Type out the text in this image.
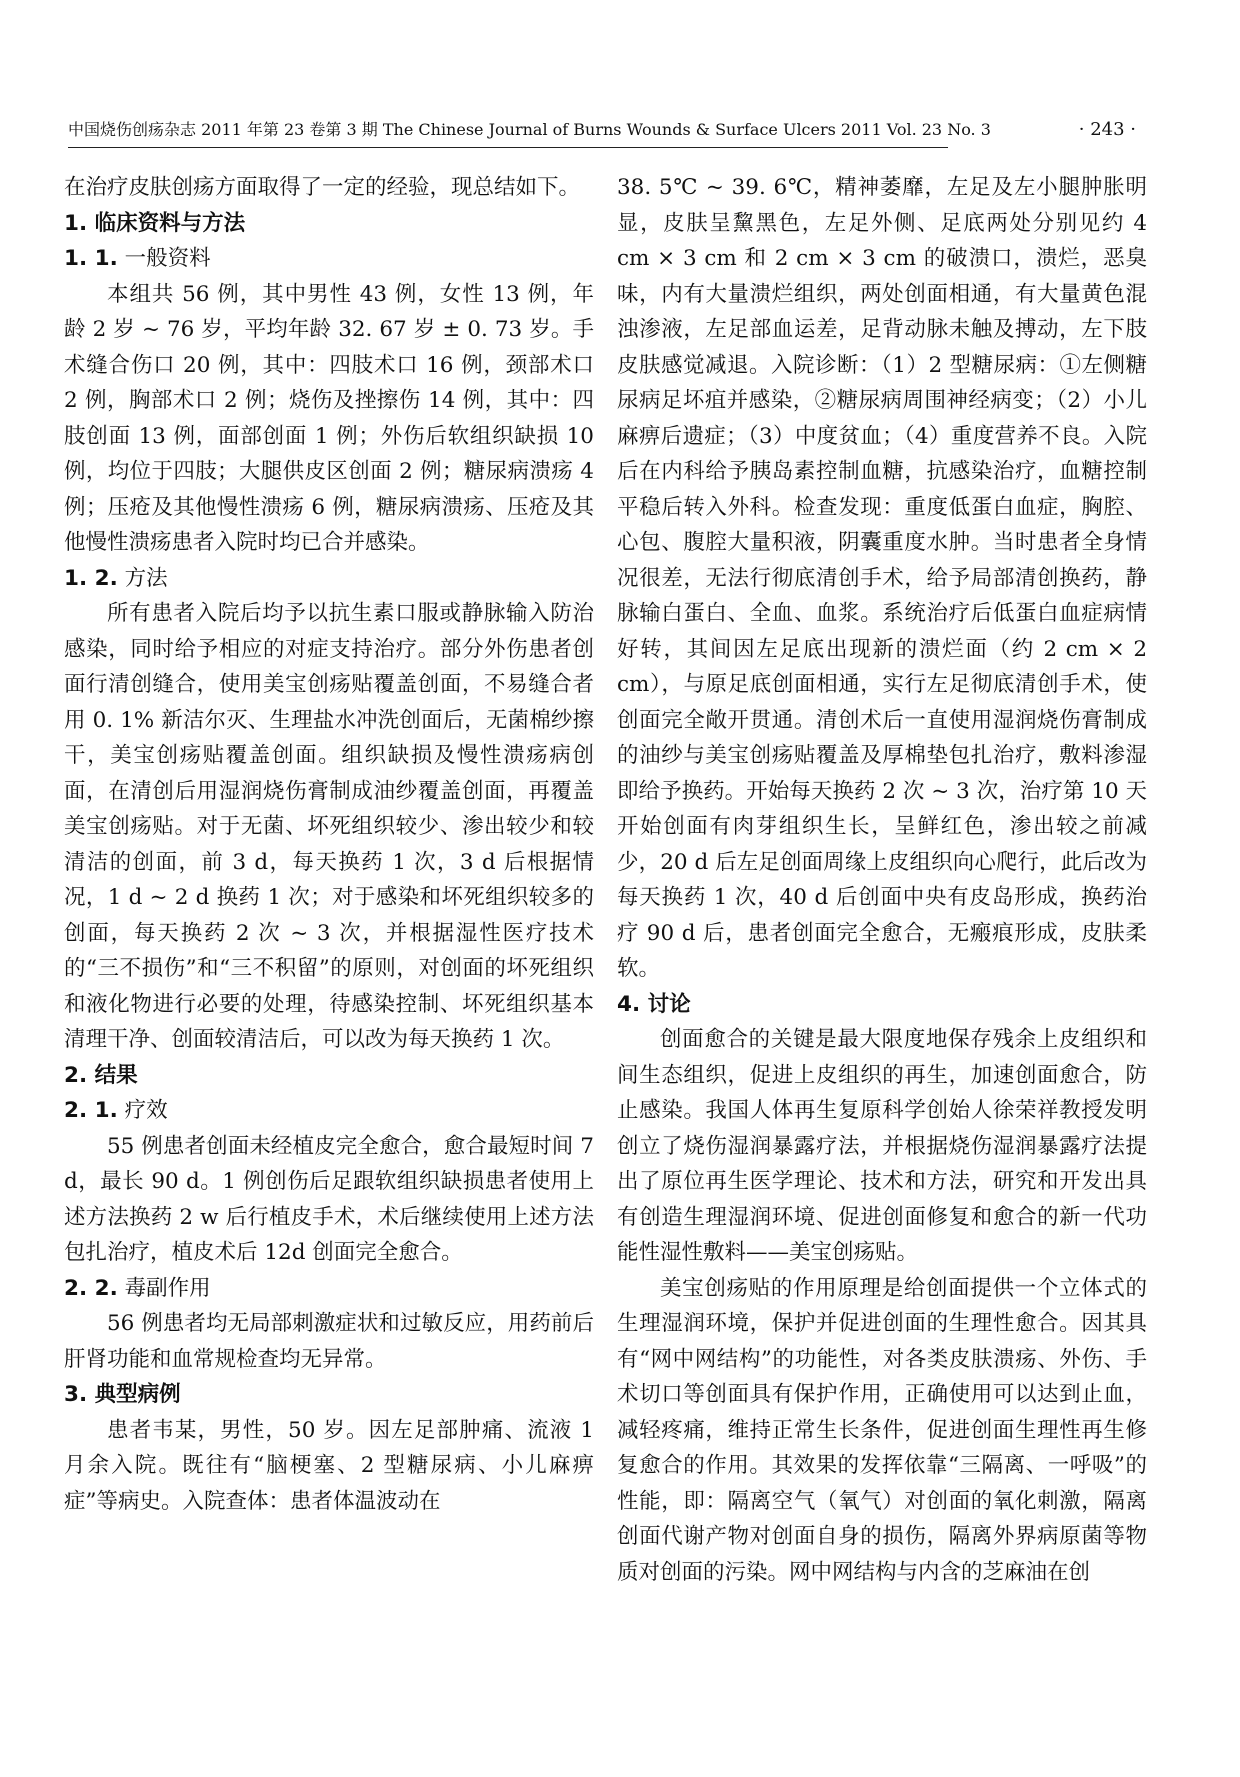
中国烧伤创疡杂志 2011 年第 23 卷第 3 期 The Chinese Journal of Burns Wounds & Surface Ulcers 2011 Vol. 23 No. 3	· 243 ·

在治疗皮肤创疡方面取得了一定的经验，现总结如下。

1. 临床资料与方法
1. 1. 一般资料

本组共 56 例，其中男性 43 例，女性 13 例，年龄 2 岁 ~ 76 岁，平均年龄 32. 67 岁 ± 0. 73 岁。手术缝合伤口 20 例，其中：四肢术口 16 例，颈部术口 2 例，胸部术口 2 例；烧伤及挫擦伤 14 例，其中：四肢创面 13 例，面部创面 1 例；外伤后软组织缺损 10 例，均位于四肢；大腿供皮区创面 2 例；糖尿病溃疡 4 例；压疮及其他慢性溃疡 6 例，糖尿病溃疡、压疮及其他慢性溃疡患者入院时均已合并感染。

1. 2. 方法

所有患者入院后均予以抗生素口服或静脉输入防治感染，同时给予相应的对症支持治疗。部分外伤患者创面行清创缝合，使用美宝创疡贴覆盖创面，不易缝合者用 0. 1% 新洁尔灭、生理盐水冲洗创面后，无菌棉纱擦干，美宝创疡贴覆盖创面。组织缺损及慢性溃疡病创面，在清创后用湿润烧伤膏制成油纱覆盖创面，再覆盖美宝创疡贴。对于无菌、坏死组织较少、渗出较少和较清洁的创面，前 3 d，每天换药 1 次，3 d 后根据情况，1 d ~ 2 d 换药 1 次；对于感染和坏死组织较多的创面，每天换药 2 次 ~ 3 次，并根据湿性医疗技术的“三不损伤”和“三不积留”的原则，对创面的坏死组织和液化物进行必要的处理，待感染控制、坏死组织基本清理干净、创面较清洁后，可以改为每天换药 1 次。

2. 结果
2. 1. 疗效

55 例患者创面未经植皮完全愈合，愈合最短时间 7 d，最长 90 d。1 例创伤后足跟软组织缺损患者使用上述方法换药 2 w 后行植皮手术，术后继续使用上述方法包扎治疗，植皮术后 12d 创面完全愈合。

2. 2. 毒副作用

56 例患者均无局部刺激症状和过敏反应，用药前后肝肾功能和血常规检查均无异常。

3. 典型病例

患者韦某，男性，50 岁。因左足部肿痛、流液 1 月余入院。既往有“脑梗塞、2 型糖尿病、小儿麻痹症”等病史。入院查体：患者体温波动在

38. 5℃ ~ 39. 6℃，精神萎靡，左足及左小腿肿胀明显，皮肤呈黧黑色，左足外侧、足底两处分别见约 4 cm × 3 cm 和 2 cm × 3 cm 的破溃口，溃烂，恶臭味，内有大量溃烂组织，两处创面相通，有大量黄色混浊渗液，左足部血运差，足背动脉未触及搏动，左下肢皮肤感觉减退。入院诊断：（1）2 型糖尿病：①左侧糖尿病足坏疽并感染，②糖尿病周围神经病变；（2）小儿麻痹后遗症；（3）中度贫血；（4）重度营养不良。入院后在内科给予胰岛素控制血糖，抗感染治疗，血糖控制平稳后转入外科。检查发现：重度低蛋白血症，胸腔、心包、腹腔大量积液，阴囊重度水肿。当时患者全身情况很差，无法行彻底清创手术，给予局部清创换药，静脉输白蛋白、全血、血浆。系统治疗后低蛋白血症病情好转，其间因左足底出现新的溃烂面（约 2 cm × 2 cm），与原足底创面相通，实行左足彻底清创手术，使创面完全敞开贯通。清创术后一直使用湿润烧伤膏制成的油纱与美宝创疡贴覆盖及厚棉垫包扎治疗，敷料渗湿即给予换药。开始每天换药 2 次 ~ 3 次，治疗第 10 天开始创面有肉芽组织生长，呈鲜红色，渗出较之前减少，20 d 后左足创面周缘上皮组织向心爬行，此后改为每天换药 1 次，40 d 后创面中央有皮岛形成，换药治疗 90 d 后，患者创面完全愈合，无瘢痕形成，皮肤柔软。

4. 讨论

创面愈合的关键是最大限度地保存残余上皮组织和间生态组织，促进上皮组织的再生，加速创面愈合，防止感染。我国人体再生复原科学创始人徐荣祥教授发明创立了烧伤湿润暴露疗法，并根据烧伤湿润暴露疗法提出了原位再生医学理论、技术和方法，研究和开发出具有创造生理湿润环境、促进创面修复和愈合的新一代功能性湿性敷料——美宝创疡贴。

美宝创疡贴的作用原理是给创面提供一个立体式的生理湿润环境，保护并促进创面的生理性愈合。因其具有“网中网结构”的功能性，对各类皮肤溃疡、外伤、手术切口等创面具有保护作用，正确使用可以达到止血，减轻疼痛，维持正常生长条件，促进创面生理性再生修复愈合的作用。其效果的发挥依靠“三隔离、一呼吸”的性能，即：隔离空气（氧气）对创面的氧化刺激，隔离创面代谢产物对创面自身的损伤，隔离外界病原菌等物质对创面的污染。网中网结构与内含的芝麻油在创
